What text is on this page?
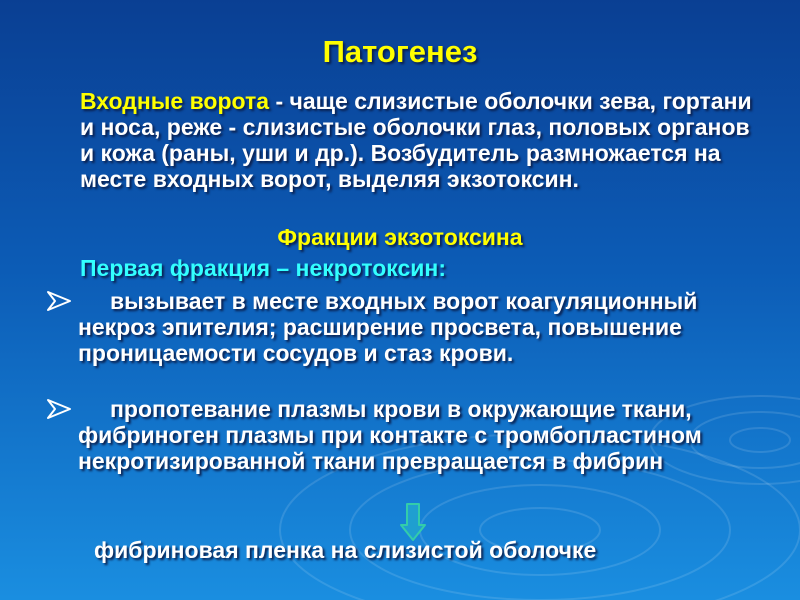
Патогенез
Входные ворота - чаще слизистые оболочки зева, гортани и носа, реже - слизистые оболочки глаз, половых органов и кожа (раны, уши и др.). Возбудитель размножается на месте входных ворот, выделяя экзотоксин.
Фракции экзотоксина
Первая фракция – некротоксин:
вызывает в месте входных ворот коагуляционный некроз эпителия; расширение просвета, повышение проницаемости сосудов и стаз крови.
пропотевание плазмы крови в окружающие ткани, фибриноген плазмы при контакте с тромбопластином некротизированной ткани превращается в фибрин
фибриновая пленка на слизистой оболочке
